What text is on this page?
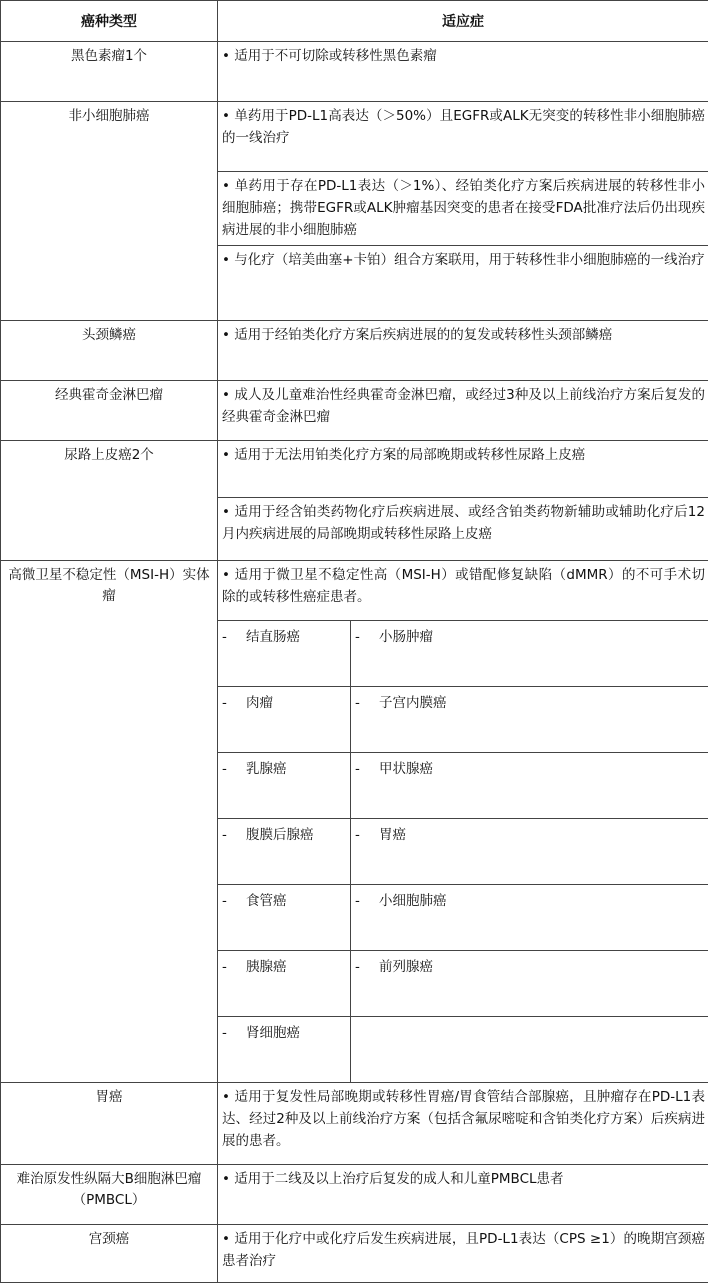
癌种类型	适应症	
黑色素瘤1个	• 适用于不可切除或转移性黑色素瘤	
非小细胞肺癌	• 单药用于PD-L1高表达（＞50%）且EGFR或ALK无突变的转移性非小细胞肺癌的一线治疗	
	• 单药用于存在PD-L1表达（＞1%）、经铂类化疗方案后疾病进展的转移性非小细胞肺癌；携带EGFR或ALK肿瘤基因突变的患者在接受FDA批准疗法后仍出现疾病进展的非小细胞肺癌	
	• 与化疗（培美曲塞+卡铂）组合方案联用，用于转移性非小细胞肺癌的一线治疗	
头颈鳞癌	• 适用于经铂类化疗方案后疾病进展的的复发或转移性头颈部鳞癌	
经典霍奇金淋巴瘤	• 成人及儿童难治性经典霍奇金淋巴瘤，或经过3种及以上前线治疗方案后复发的经典霍奇金淋巴瘤	
尿路上皮癌2个	• 适用于无法用铂类化疗方案的局部晚期或转移性尿路上皮癌	
	• 适用于经含铂类药物化疗后疾病进展、或经含铂类药物新辅助或辅助化疗后12月内疾病进展的局部晚期或转移性尿路上皮癌	
高微卫星不稳定性（MSI-H）实体瘤	• 适用于微卫星不稳定性高（MSI-H）或错配修复缺陷（dMMR）的不可手术切除的或转移性癌症患者。	
	- 结直肠癌	- 小肠肿瘤
	- 肉瘤	- 子宫内膜癌
	- 乳腺癌	- 甲状腺癌
	- 腹膜后腺癌	- 胃癌
	- 食管癌	- 小细胞肺癌
	- 胰腺癌	- 前列腺癌
	- 肾细胞癌	
胃癌	• 适用于复发性局部晚期或转移性胃癌/胃食管结合部腺癌，且肿瘤存在PD-L1表达、经过2种及以上前线治疗方案（包括含氟尿嘧啶和含铂类化疗方案）后疾病进展的患者。	
难治原发性纵隔大B细胞淋巴瘤（PMBCL）	• 适用于二线及以上治疗后复发的成人和儿童PMBCL患者	
宫颈癌	• 适用于化疗中或化疗后发生疾病进展，且PD-L1表达（CPS ≥1）的晚期宫颈癌患者治疗	
